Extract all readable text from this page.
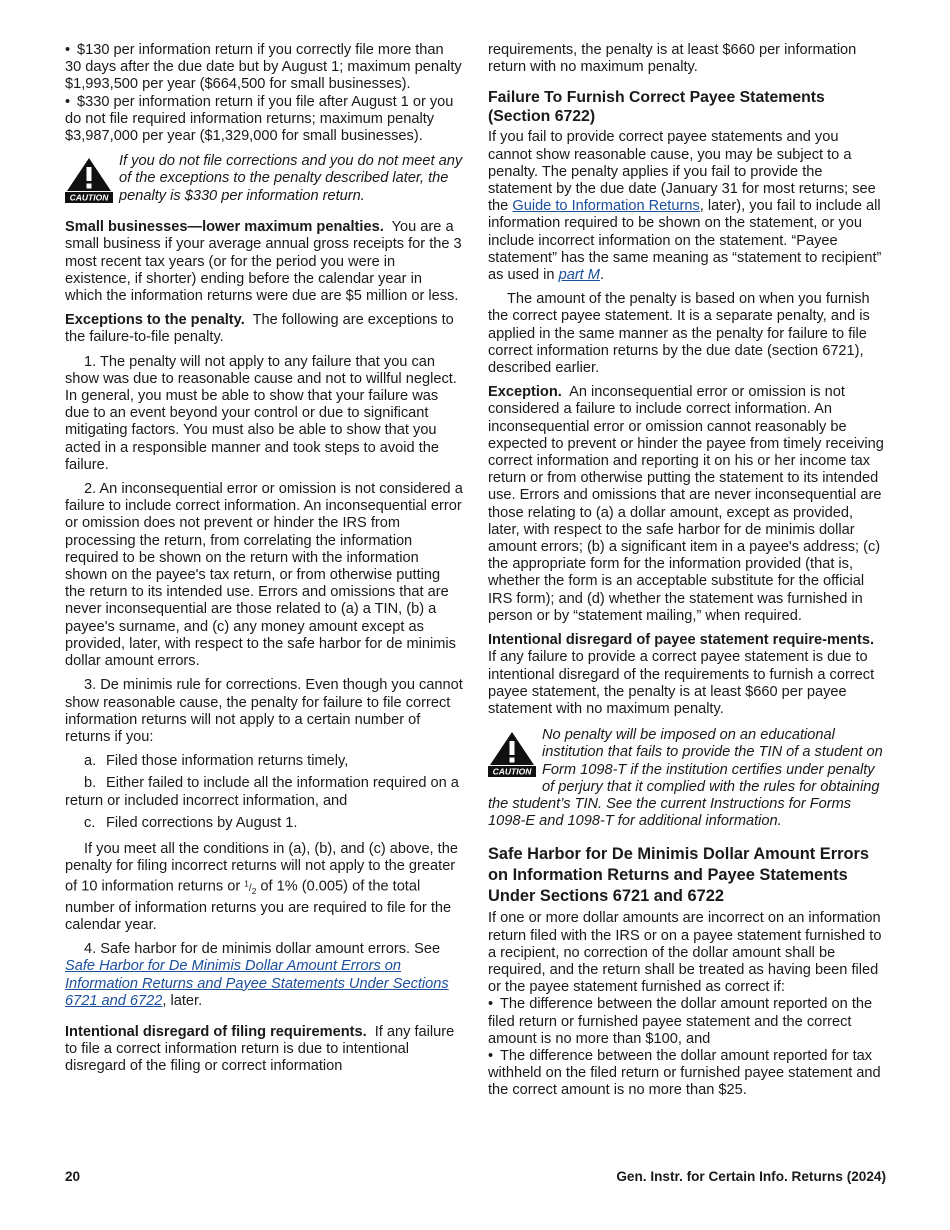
• $130 per information return if you correctly file more than 30 days after the due date but by August 1; maximum penalty $1,993,500 per year ($664,500 for small businesses).

• $330 per information return if you file after August 1 or you do not file required information returns; maximum penalty $3,987,000 per year ($1,329,000 for small businesses).

CAUTION
If you do not file corrections and you do not meet any of the exceptions to the penalty described later, the penalty is $330 per information return.

Small businesses—lower maximum penalties. You are a small business if your average annual gross receipts for the 3 most recent tax years (or for the period you were in existence, if shorter) ending before the calendar year in which the information returns were due are $5 million or less.

Exceptions to the penalty. The following are exceptions to the failure-to-file penalty.

1. The penalty will not apply to any failure that you can show was due to reasonable cause and not to willful neglect. In general, you must be able to show that your failure was due to an event beyond your control or due to significant mitigating factors. You must also be able to show that you acted in a responsible manner and took steps to avoid the failure.

2. An inconsequential error or omission is not considered a failure to include correct information. An inconsequential error or omission does not prevent or hinder the IRS from processing the return, from correlating the information required to be shown on the return with the information shown on the payee's tax return, or from otherwise putting the return to its intended use. Errors and omissions that are never inconsequential are those related to (a) a TIN, (b) a payee's surname, and (c) any money amount except as provided, later, with respect to the safe harbor for de minimis dollar amount errors.

3. De minimis rule for corrections. Even though you cannot show reasonable cause, the penalty for failure to file correct information returns will not apply to a certain number of returns if you:

a. Filed those information returns timely,

b. Either failed to include all the information required on a return or included incorrect information, and

c. Filed corrections by August 1.

If you meet all the conditions in (a), (b), and (c) above, the penalty for filing incorrect returns will not apply to the greater of 10 information returns or $^1/_2$ of 1% (0.005) of the total number of information returns you are required to file for the calendar year.

4. Safe harbor for de minimis dollar amount errors. See Safe Harbor for De Minimis Dollar Amount Errors on Information Returns and Payee Statements Under Sections 6721 and 6722, later.

Intentional disregard of filing requirements. If any failure to file a correct information return is due to intentional disregard of the filing or correct information

requirements, the penalty is at least $660 per information return with no maximum penalty.

Failure To Furnish Correct Payee Statements (Section 6722)

If you fail to provide correct payee statements and you cannot show reasonable cause, you may be subject to a penalty. The penalty applies if you fail to provide the statement by the due date (January 31 for most returns; see the Guide to Information Returns, later), you fail to include all information required to be shown on the statement, or you include incorrect information on the statement. “Payee statement” has the same meaning as “statement to recipient” as used in part M.

The amount of the penalty is based on when you furnish the correct payee statement. It is a separate penalty, and is applied in the same manner as the penalty for failure to file correct information returns by the due date (section 6721), described earlier.

Exception. An inconsequential error or omission is not considered a failure to include correct information. An inconsequential error or omission cannot reasonably be expected to prevent or hinder the payee from timely receiving correct information and reporting it on his or her income tax return or from otherwise putting the statement to its intended use. Errors and omissions that are never inconsequential are those relating to (a) a dollar amount, except as provided, later, with respect to the safe harbor for de minimis dollar amount errors; (b) a significant item in a payee's address; (c) the appropriate form for the information provided (that is, whether the form is an acceptable substitute for the official IRS form); and (d) whether the statement was furnished in person or by “statement mailing,” when required.

Intentional disregard of payee statement require-ments.  If any failure to provide a correct payee statement is due to intentional disregard of the requirements to furnish a correct payee statement, the penalty is at least $660 per payee statement with no maximum penalty.

CAUTION
No penalty will be imposed on an educational institution that fails to provide the TIN of a student on Form 1098-T if the institution certifies under penalty of perjury that it complied with the rules for obtaining the student’s TIN. See the current Instructions for Forms 1098-E and 1098-T for additional information.
Safe Harbor for De Minimis Dollar Amount Errors on Information Returns and Payee Statements Under Sections 6721 and 6722

If one or more dollar amounts are incorrect on an information return filed with the IRS or on a payee statement furnished to a recipient, no correction of the dollar amount shall be required, and the return shall be treated as having been filed or the payee statement furnished as correct if:

• The difference between the dollar amount reported on the filed return or furnished payee statement and the correct amount is no more than $100, and

• The difference between the dollar amount reported for tax withheld on the filed return or furnished payee statement and the correct amount is no more than $25.

20	Gen. Instr. for Certain Info. Returns (2024)
